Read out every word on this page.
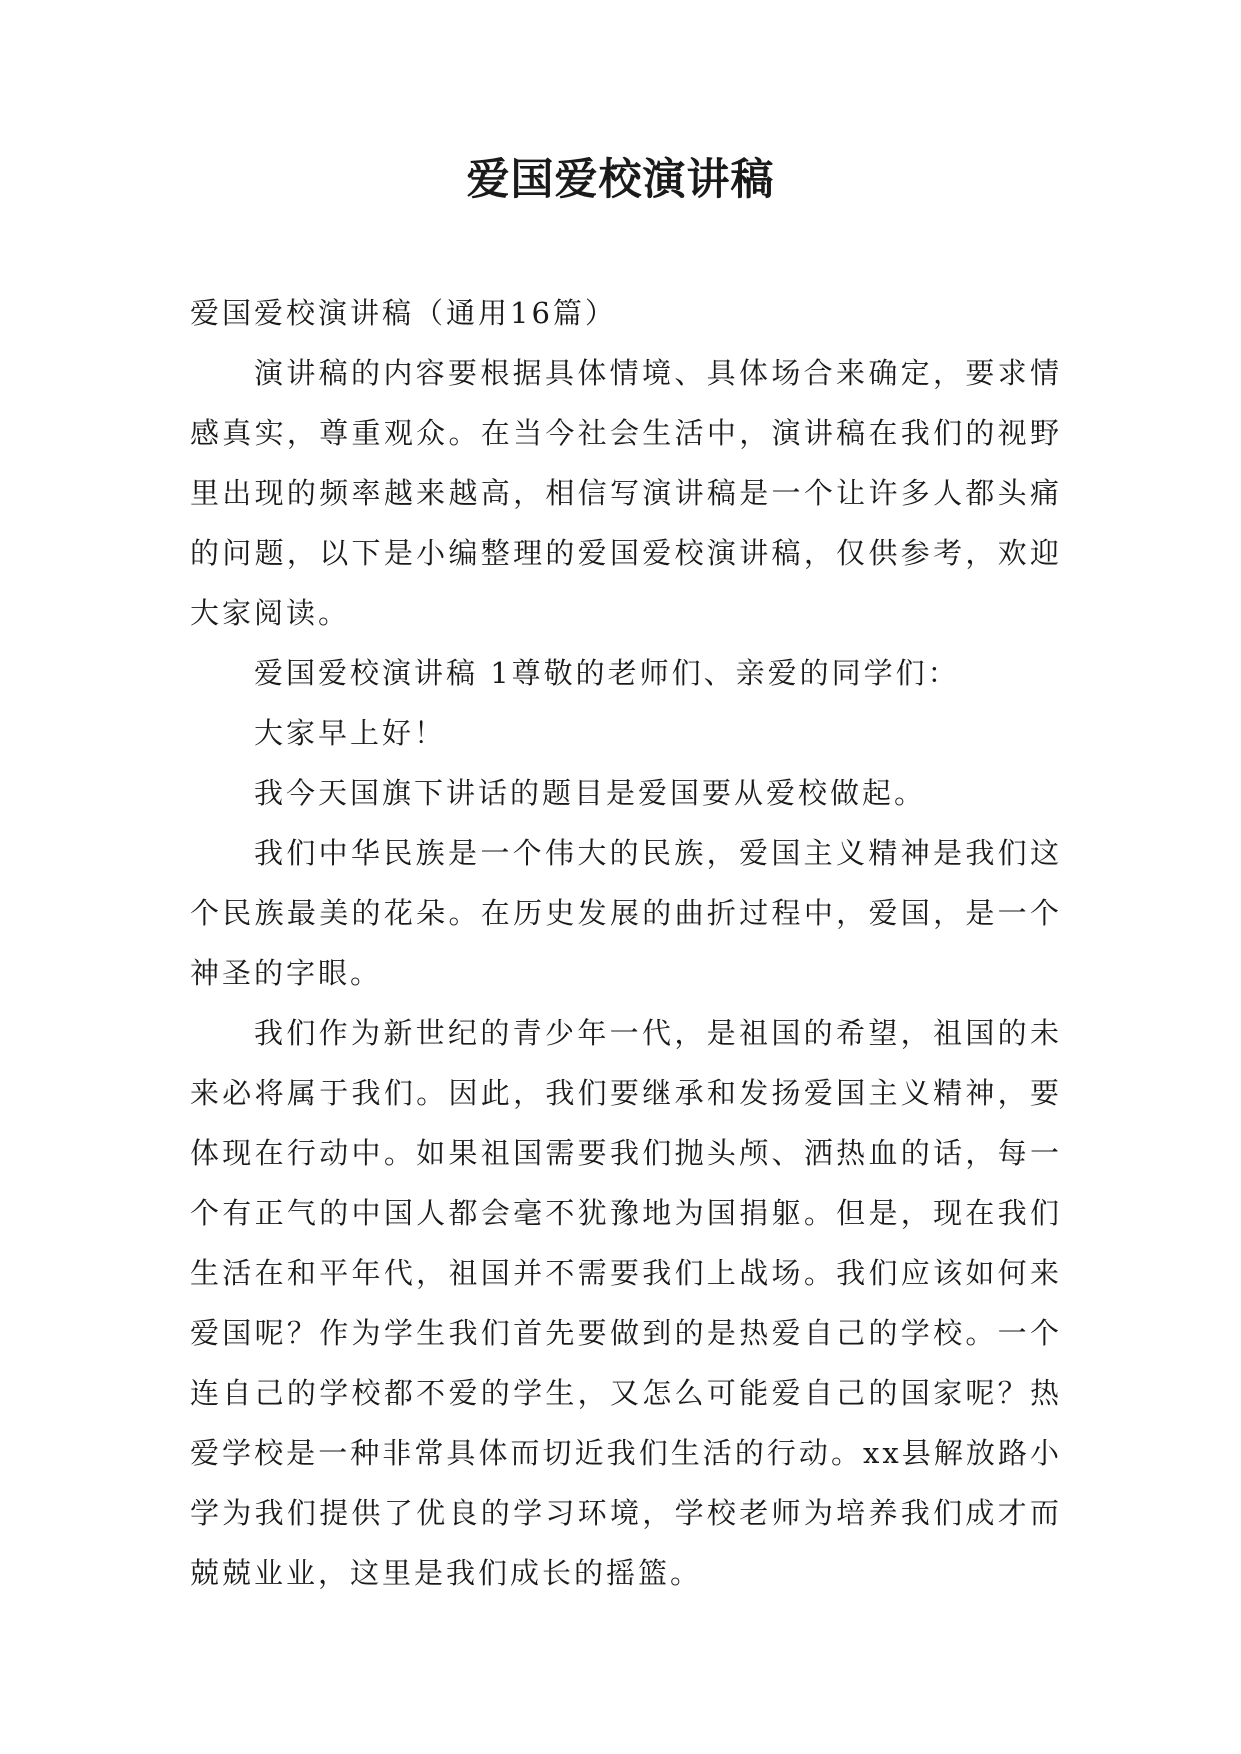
爱国爱校演讲稿

爱国爱校演讲稿（通用16篇）

演讲稿的内容要根据具体情境、具体场合来确定，要求情感真实，尊重观众。在当今社会生活中，演讲稿在我们的视野里出现的频率越来越高，相信写演讲稿是一个让许多人都头痛的问题，以下是小编整理的爱国爱校演讲稿，仅供参考，欢迎大家阅读。

爱国爱校演讲稿 1尊敬的老师们、亲爱的同学们：

大家早上好！

我今天国旗下讲话的题目是爱国要从爱校做起。

我们中华民族是一个伟大的民族，爱国主义精神是我们这个民族最美的花朵。在历史发展的曲折过程中，爱国，是一个神圣的字眼。

我们作为新世纪的青少年一代，是祖国的希望，祖国的未来必将属于我们。因此，我们要继承和发扬爱国主义精神，要体现在行动中。如果祖国需要我们抛头颅、洒热血的话，每一个有正气的中国人都会毫不犹豫地为国捐躯。但是，现在我们生活在和平年代，祖国并不需要我们上战场。我们应该如何来爱国呢？作为学生我们首先要做到的是热爱自己的学校。一个连自己的学校都不爱的学生，又怎么可能爱自己的国家呢？热爱学校是一种非常具体而切近我们生活的行动。xx县解放路小学为我们提供了优良的学习环境，学校老师为培养我们成才而兢兢业业，这里是我们成长的摇篮。
